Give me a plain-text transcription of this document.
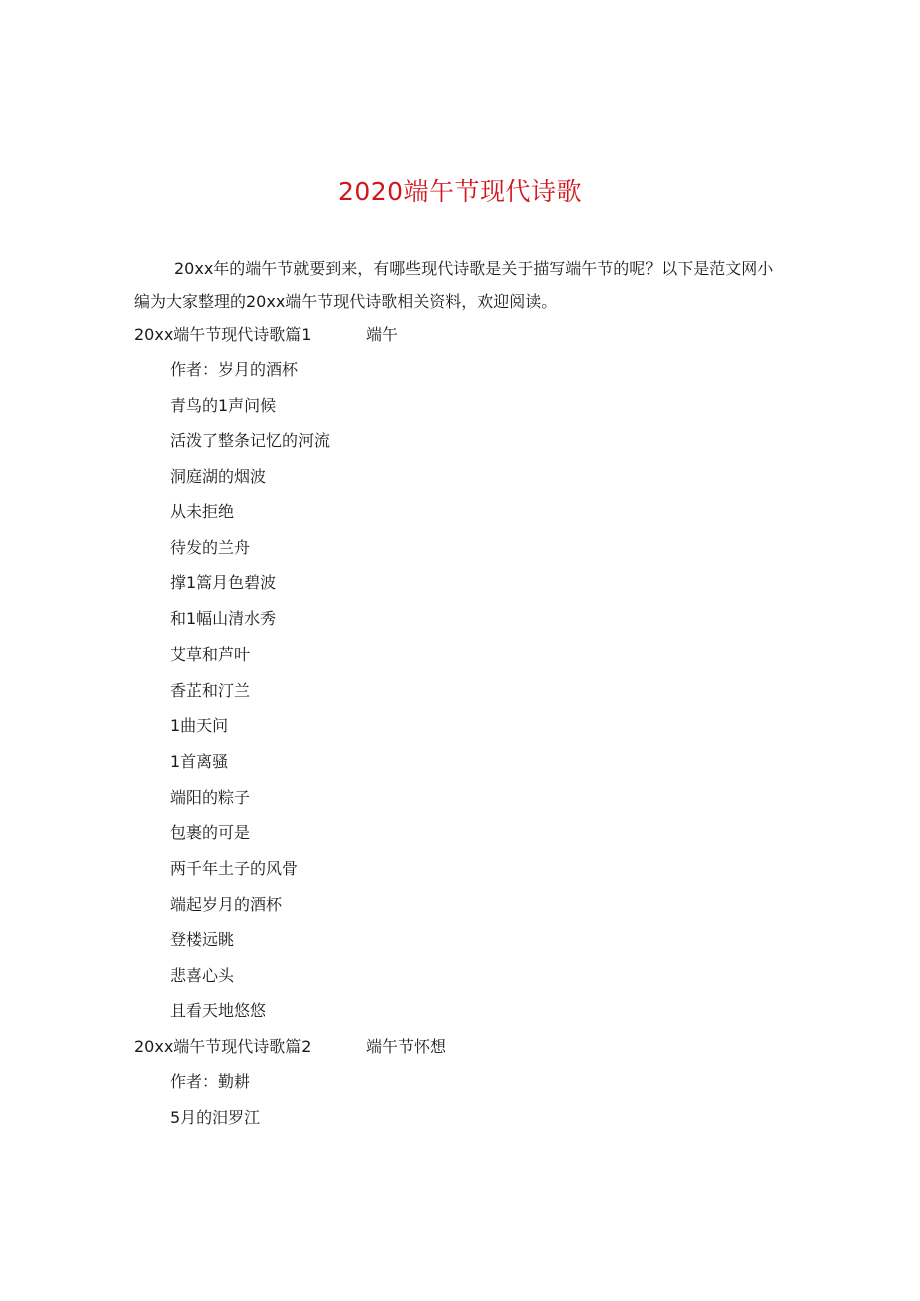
2020端午节现代诗歌
20xx年的端午节就要到来，有哪些现代诗歌是关于描写端午节的呢？以下是范文网小编为大家整理的20xx端午节现代诗歌相关资料，欢迎阅读。
20xx端午节现代诗歌篇1	端午
作者：岁月的酒杯
青鸟的1声问候
活泼了整条记忆的河流
洞庭湖的烟波
从未拒绝
待发的兰舟
撑1篙月色碧波
和1幅山清水秀
艾草和芦叶
香芷和汀兰
1曲天问
1首离骚
端阳的粽子
包裹的可是
两千年土子的风骨
端起岁月的酒杯
登楼远眺
悲喜心头
且看天地悠悠
20xx端午节现代诗歌篇2	端午节怀想
作者：勤耕
5月的汨罗江
